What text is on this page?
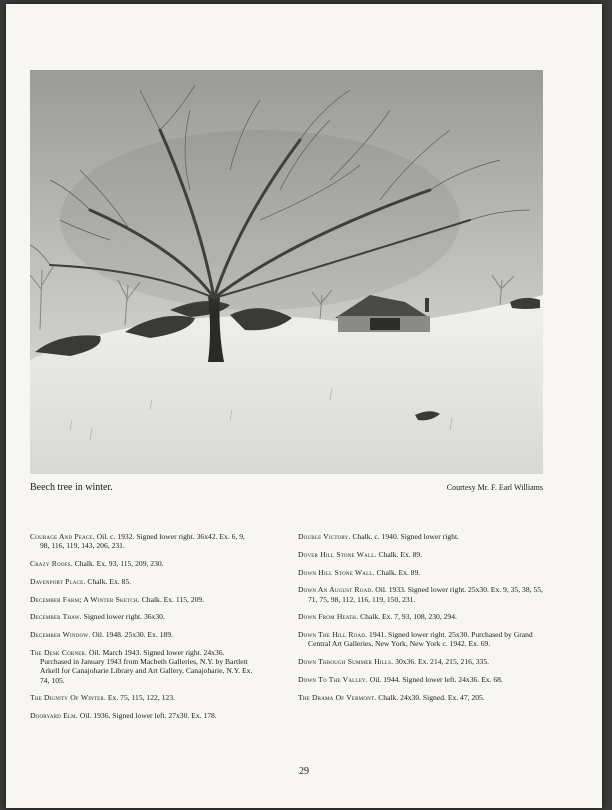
Beech tree in winter.	Courtesy Mr. F. Earl Williams

Courage And Peace. Oil. c. 1932. Signed lower right. 36x42. Ex. 6, 9, 98, 116, 119, 143, 206, 231.

Crazy Roofs. Chalk. Ex. 93, 115, 209, 230.

Davenport Place. Chalk. Ex. 85.

December Farm; A Winter Sketch. Chalk. Ex. 115, 209.

December Thaw. Signed lower right. 36x30.

December Window. Oil. 1948. 25x30. Ex. 189.

The Desk Corner. Oil. March 1943. Signed lower right. 24x36. Purchased in January 1943 from Macbeth Galleries, N.Y. by Bartlett Arkell for Canajoharie Library and Art Gallery, Canajoharie, N.Y. Ex. 74, 105.

The Dignity Of Winter. Ex. 75, 115, 122, 123.

Dooryard Elm. Oil. 1936. Signed lower left. 27x30. Ex. 178.

Double Victory. Chalk. c. 1940. Signed lower right.

Dover Hill Stone Wall. Chalk. Ex. 89.

Down Hill Stone Wall. Chalk. Ex. 89.

Down An August Road. Oil. 1933. Signed lower right. 25x30. Ex. 9, 35, 38, 55, 71, 75, 98, 112, 116, 119, 150, 231.

Down From Heath. Chalk. Ex. 7, 93, 108, 230, 294.

Down The Hill Road. 1941. Signed lower right. 25x30. Purchased by Grand Central Art Galleries, New York, New York c. 1942. Ex. 69.

Down Through Summer Hills. 30x36. Ex. 214, 215, 216, 335.

Down To The Valley. Oil. 1944. Signed lower left. 24x36. Ex. 68.

The Drama Of Vermont. Chalk. 24x30. Signed. Ex. 47, 205.

29
